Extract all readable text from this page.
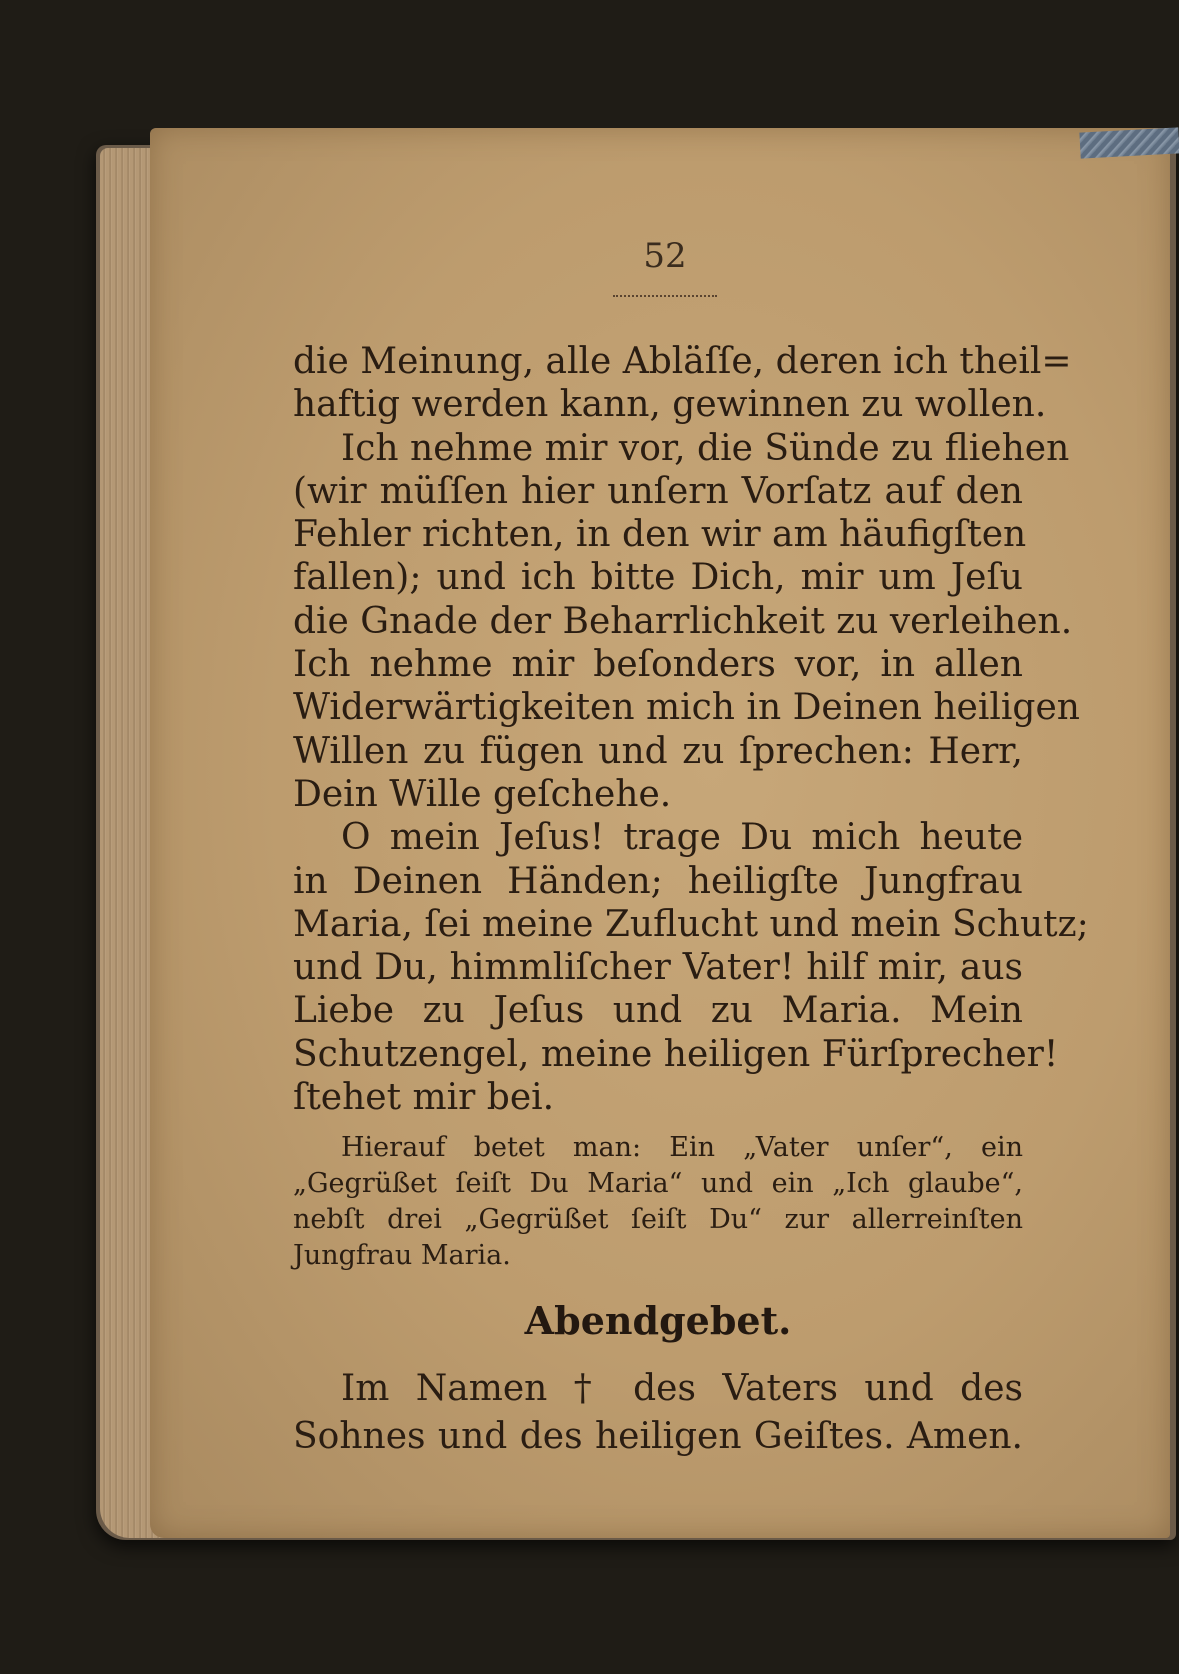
52
die Meinung, alle Abläſſe, deren ich theil=
haftig werden kann, gewinnen zu wollen.
Ich nehme mir vor, die Sünde zu fliehen
(wir müſſen hier unſern Vorſatz auf den
Fehler richten, in den wir am häufigſten
fallen); und ich bitte Dich, mir um Jeſu
die Gnade der Beharrlichkeit zu verleihen.
Ich nehme mir beſonders vor, in allen
Widerwärtigkeiten mich in Deinen heiligen
Willen zu fügen und zu ſprechen: Herr,
Dein Wille geſchehe.
O mein Jeſus! trage Du mich heute
in Deinen Händen; heiligſte Jungfrau
Maria, ſei meine Zuflucht und mein Schutz;
und Du, himmliſcher Vater! hilf mir, aus
Liebe zu Jeſus und zu Maria. Mein
Schutzengel, meine heiligen Fürſprecher!
ſtehet mir bei.
Hierauf betet man: Ein „Vater unſer“, ein
„Gegrüßet ſeiſt Du Maria“ und ein „Ich glaube“,
nebſt drei „Gegrüßet ſeiſt Du“ zur allerreinſten
Jungfrau Maria.
Abendgebet.
Im Namen † des Vaters und des
Sohnes und des heiligen Geiſtes. Amen.
